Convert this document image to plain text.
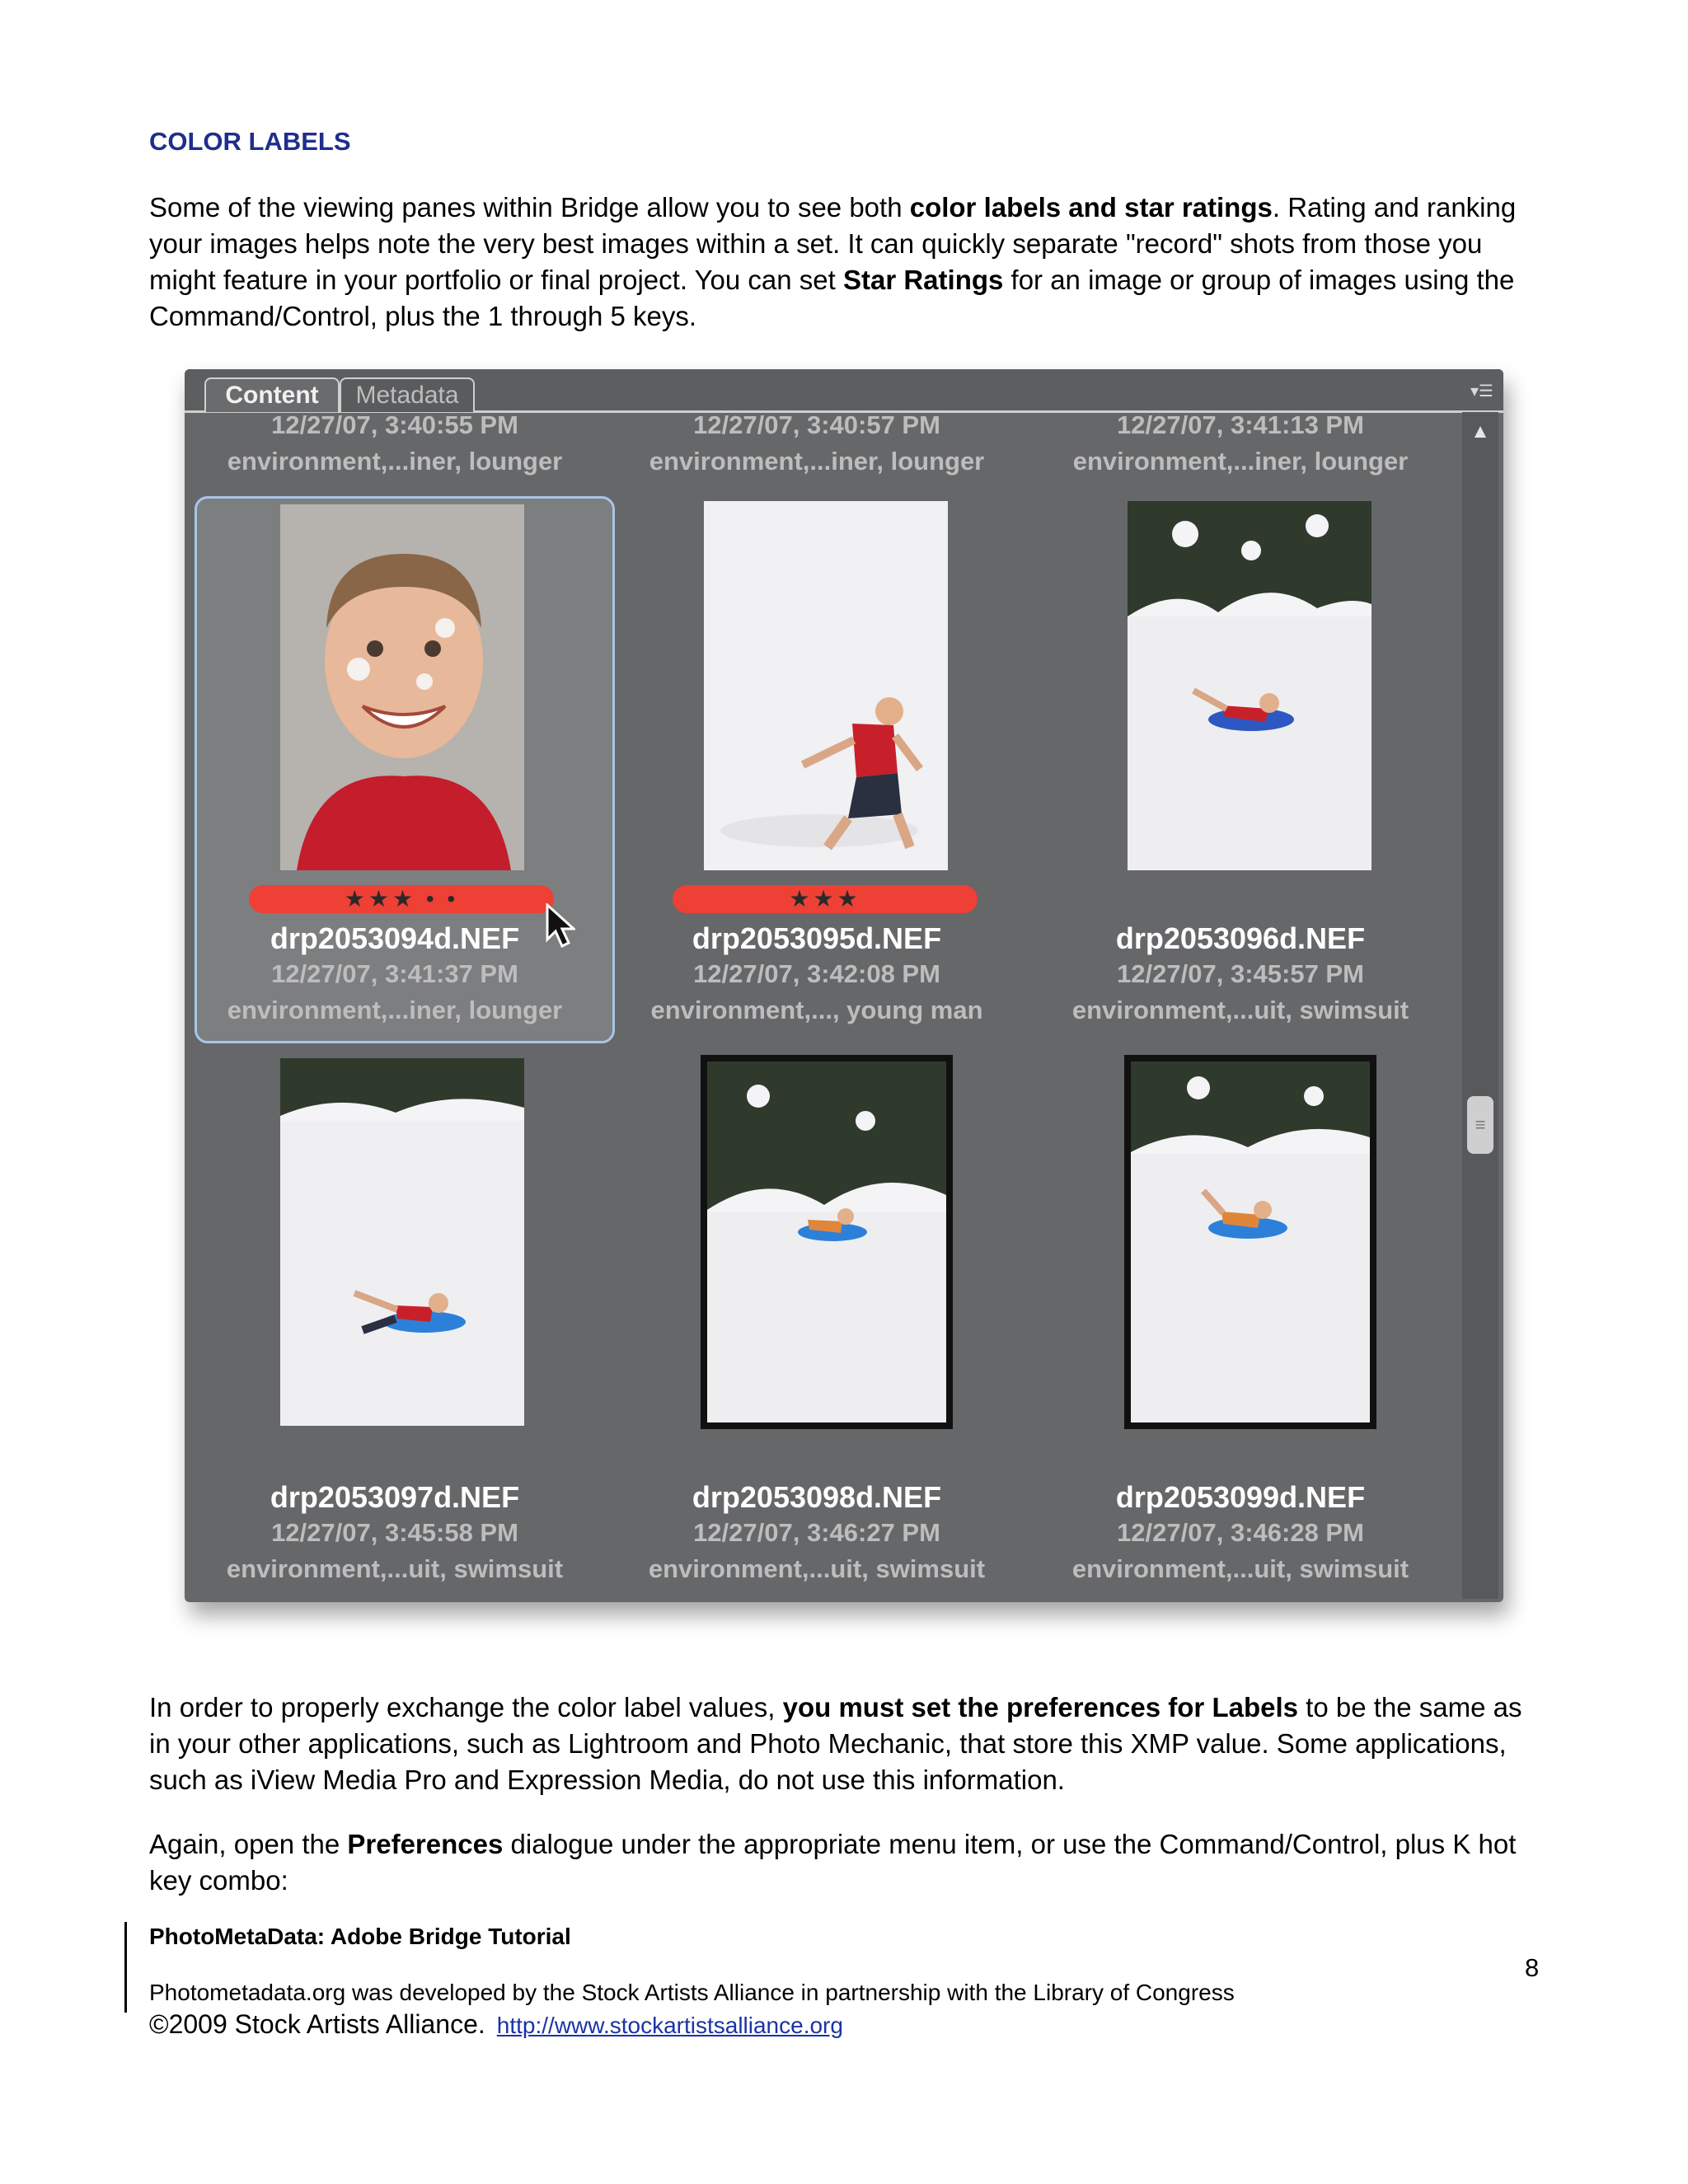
COLOR LABELS

Some of the viewing panes within Bridge allow you to see both color labels and star ratings. Rating and ranking your images helps note the very best images within a set. It can quickly separate "record" shots from those you might feature in your portfolio or final project. You can set Star Ratings for an image or group of images using the Command/Control, plus the 1 through 5 keys.

Content	Metadata	▾☰
12/27/07, 3:40:55 PM
environment,...iner, lounger
12/27/07, 3:40:57 PM
environment,...iner, lounger
12/27/07, 3:41:13 PM
environment,...iner, lounger
★★★ • •	★★★
drp2053094d.NEF
12/27/07, 3:41:37 PM
environment,...iner, lounger
drp2053095d.NEF
12/27/07, 3:42:08 PM
environment,..., young man
drp2053096d.NEF
12/27/07, 3:45:57 PM
environment,...uit, swimsuit
drp2053097d.NEF
12/27/07, 3:45:58 PM
environment,...uit, swimsuit
drp2053098d.NEF
12/27/07, 3:46:27 PM
environment,...uit, swimsuit
drp2053099d.NEF
12/27/07, 3:46:28 PM
environment,...uit, swimsuit
▲
≡

In order to properly exchange the color label values, you must set the preferences for Labels to be the same as in your other applications, such as Lightroom and Photo Mechanic, that store this XMP value. Some applications, such as iView Media Pro and Expression Media, do not use this information.

Again, open the Preferences dialogue under the appropriate menu item, or use the Command/Control, plus K hot key combo:

PhotoMetaData: Adobe Bridge Tutorial

8
Photometadata.org was developed by the Stock Artists Alliance in partnership with the Library of Congress
©2009 Stock Artists Alliance. http://www.stockartistsalliance.org
